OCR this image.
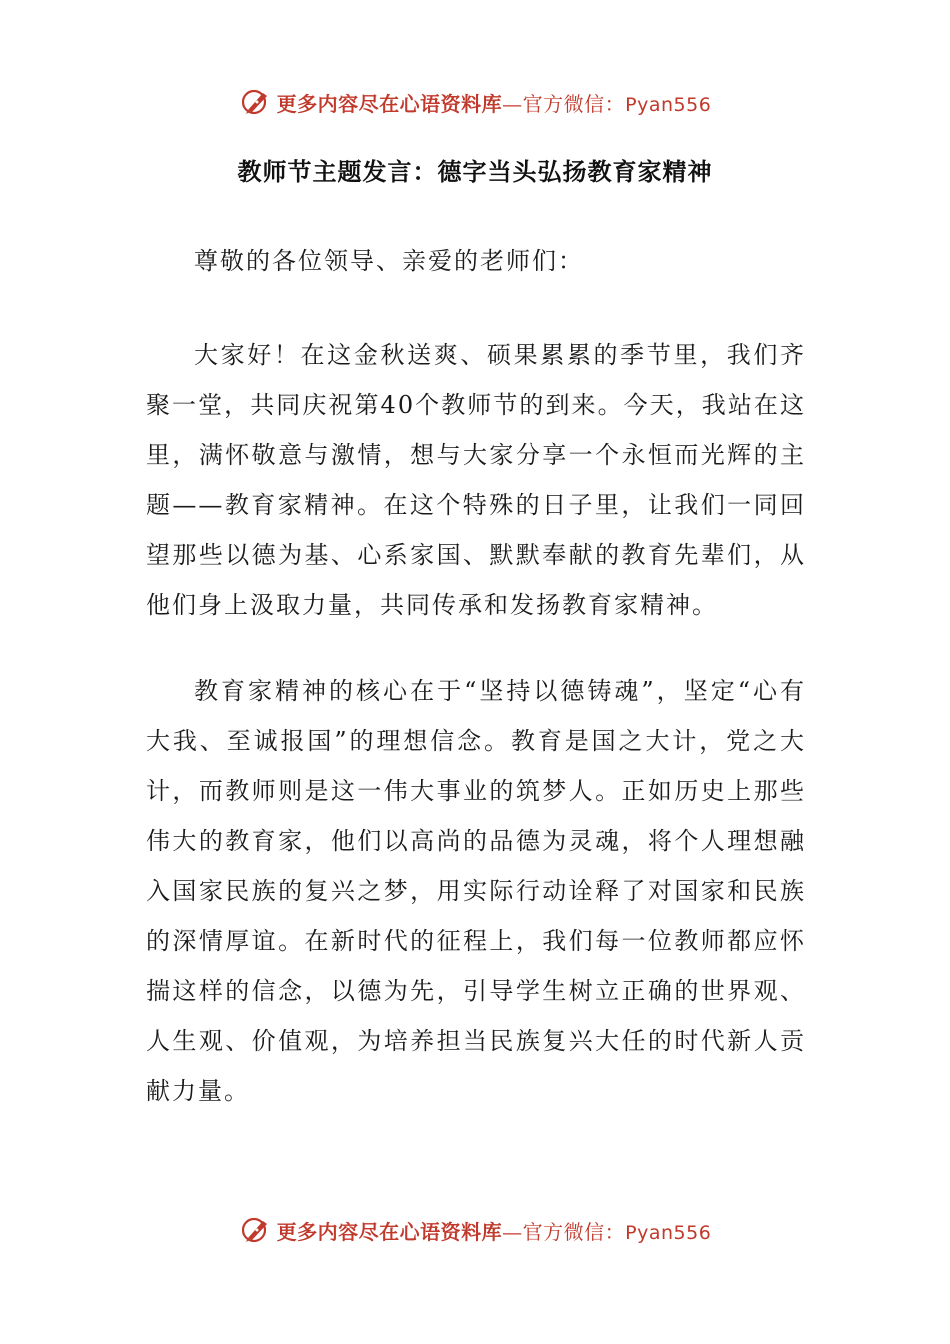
更多内容尽在心语资料库—官方微信：Pyan556
教师节主题发言：德字当头弘扬教育家精神

尊敬的各位领导、亲爱的老师们：

大家好！在这金秋送爽、硕果累累的季节里，我们齐聚一堂，共同庆祝第40个教师节的到来。今天，我站在这里，满怀敬意与激情，想与大家分享一个永恒而光辉的主题——教育家精神。在这个特殊的日子里，让我们一同回望那些以德为基、心系家国、默默奉献的教育先辈们，从他们身上汲取力量，共同传承和发扬教育家精神。

教育家精神的核心在于“坚持以德铸魂”，坚定“心有大我、至诚报国”的理想信念。教育是国之大计，党之大计，而教师则是这一伟大事业的筑梦人。正如历史上那些伟大的教育家，他们以高尚的品德为灵魂，将个人理想融入国家民族的复兴之梦，用实际行动诠释了对国家和民族的深情厚谊。在新时代的征程上，我们每一位教师都应怀揣这样的信念，以德为先，引导学生树立正确的世界观、人生观、价值观，为培养担当民族复兴大任的时代新人贡献力量。

更多内容尽在心语资料库—官方微信：Pyan556
